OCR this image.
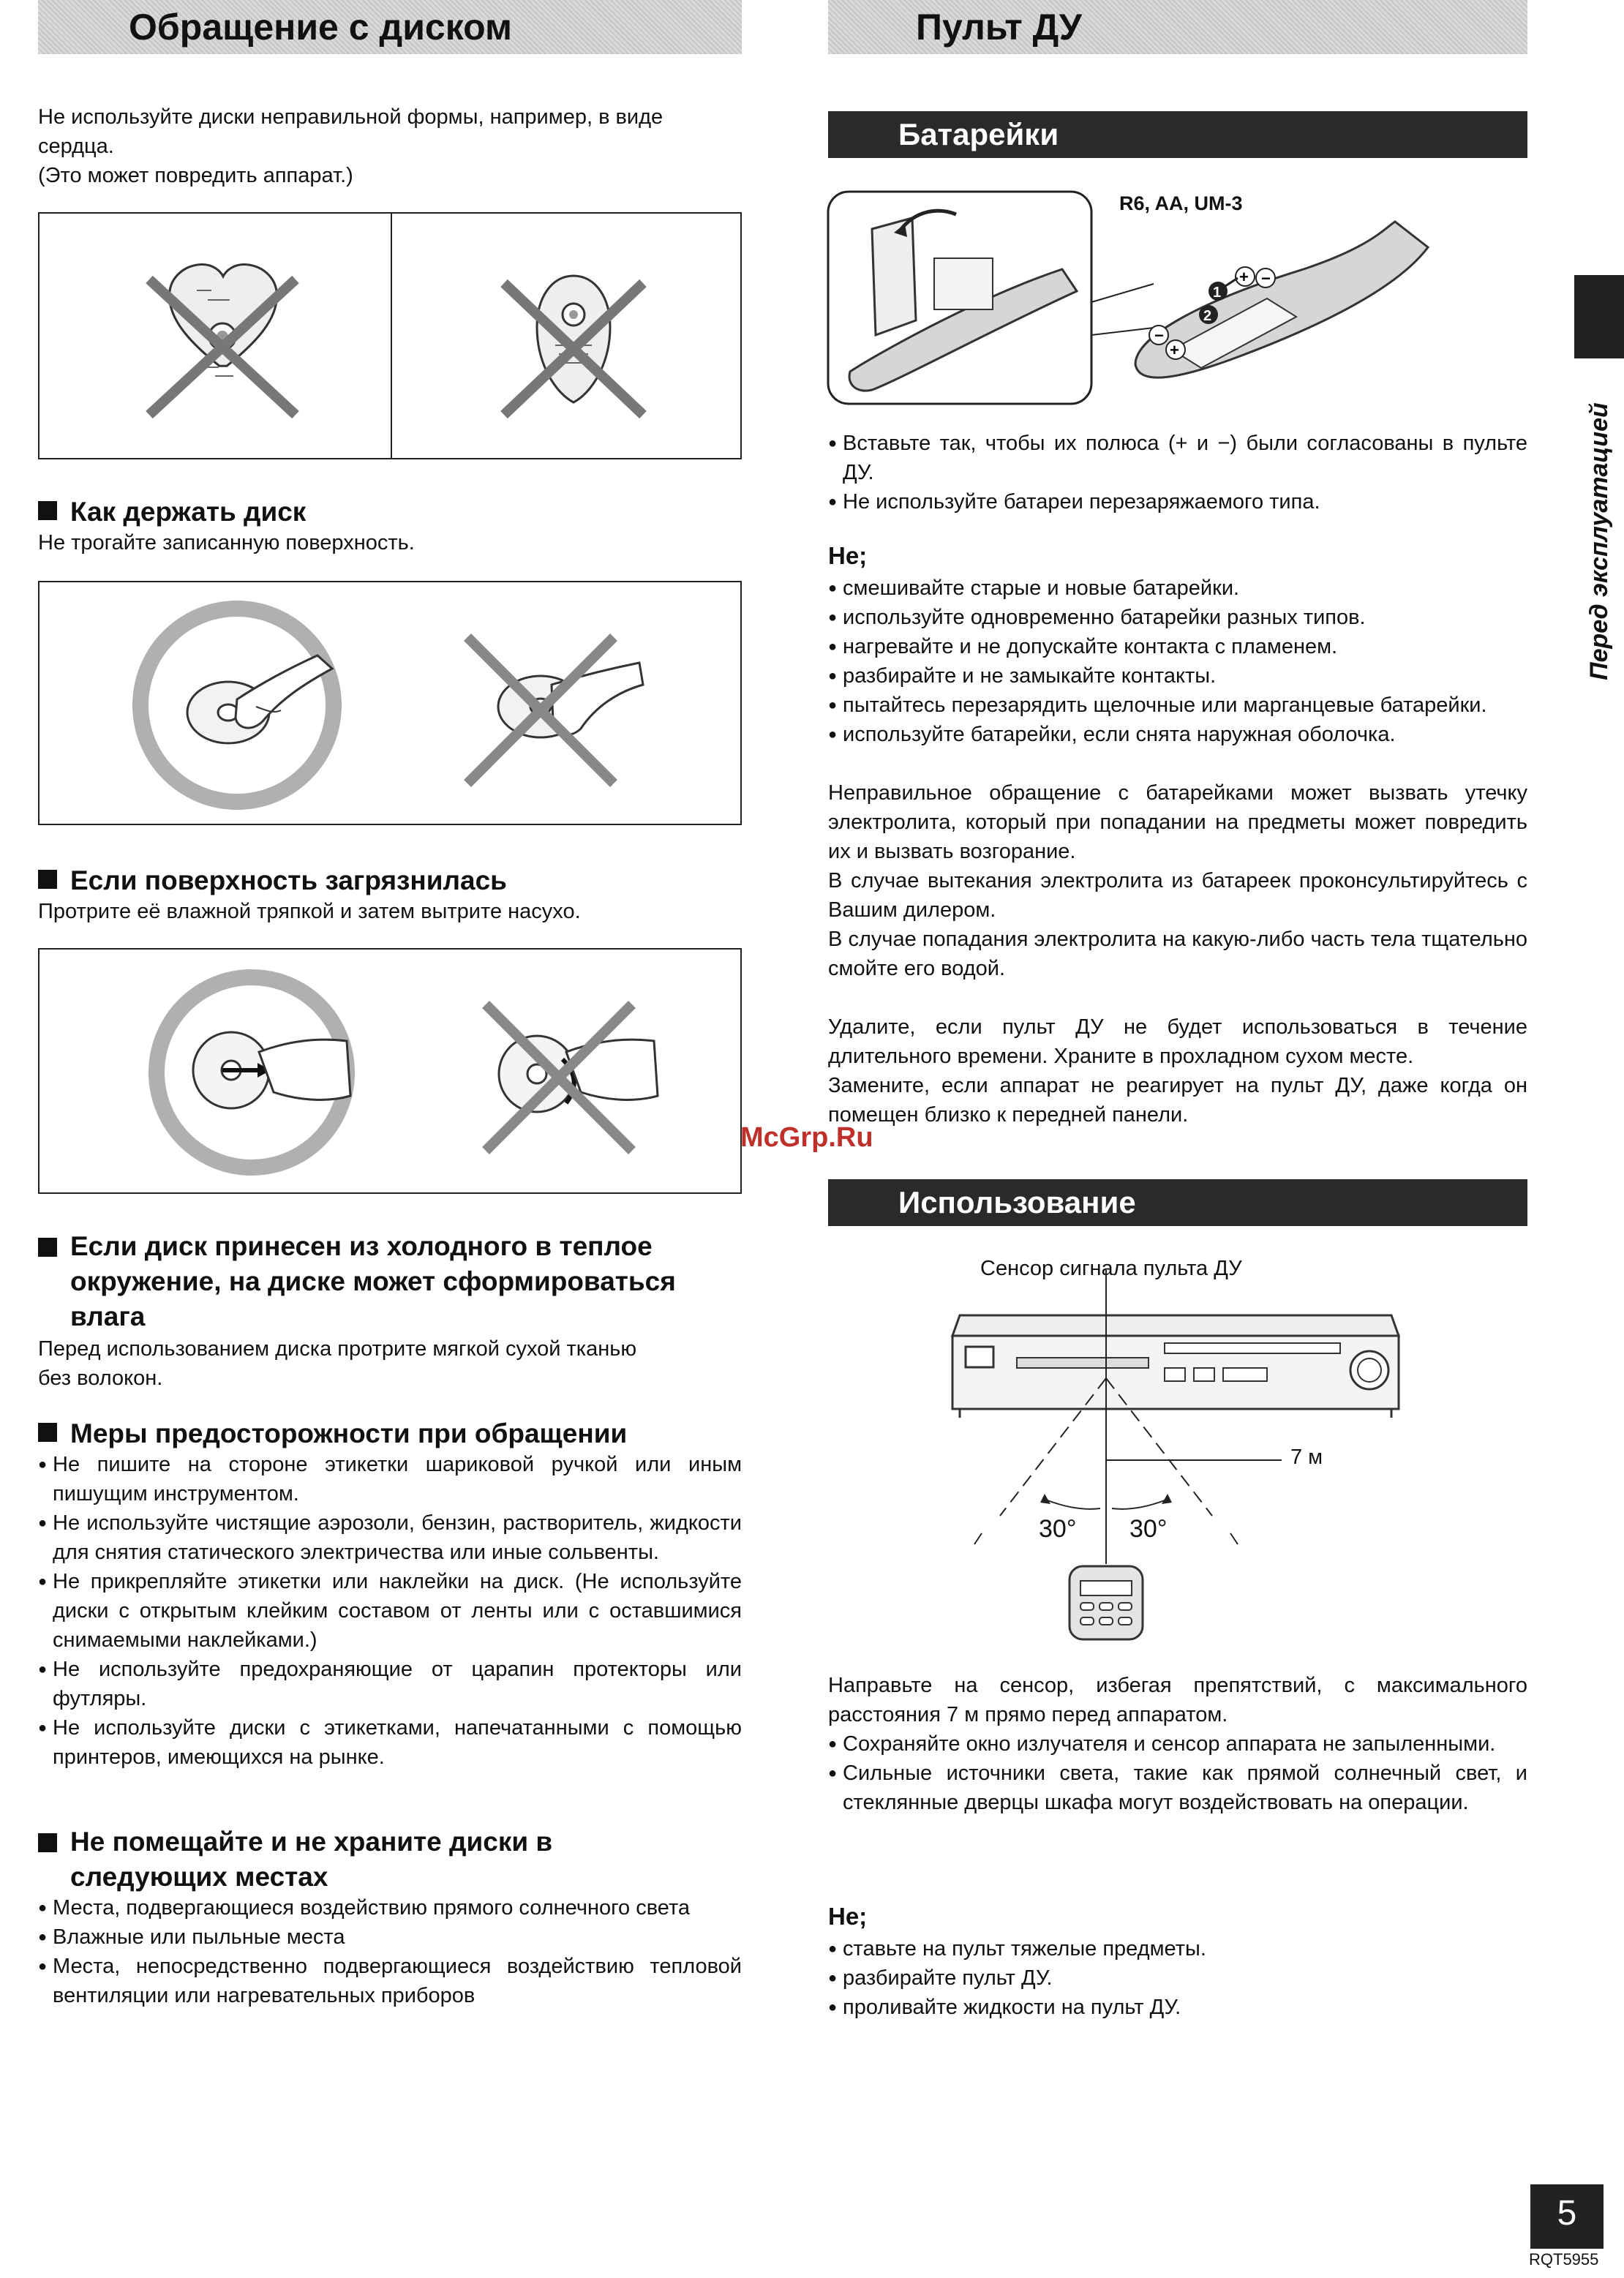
Обращение с диском
Не используйте диски неправильной формы, например, в виде
сердца.
(Это может повредить аппарат.)
Как держать диск
Не трогайте записанную поверхность.
Если поверхность загрязнилась
Протрите её влажной тряпкой и затем вытрите насухо.
Если диск принесен из холодного в теплое
окружение, на диске может сформироваться
влага
Перед использованием диска протрите мягкой сухой тканью
без волокон.
Меры предосторожности при обращении
● Не пишите на стороне этикетки шариковой ручкой или иным пишущим инструментом.
● Не используйте чистящие аэрозоли, бензин, растворитель, жидкости для снятия статического электричества или иные сольвенты.
● Не прикрепляйте этикетки или наклейки на диск. (Не используйте диски с открытым клейким составом от ленты или с оставшимися снимаемыми наклейками.)
● Не используйте предохраняющие от царапин протекторы или футляры.
● Не используйте диски с этикетками, напечатанными с помощью принтеров, имеющихся на рынке.
Не помещайте и не храните диски в
следующих местах
● Места, подвергающиеся воздействию прямого солнечного света
● Влажные или пыльные места
● Места, непосредственно подвергающиеся воздействию тепловой вентиляции или нагревательных приборов
Пульт ДУ
Батарейки
−
+
+ −
1
2
R6, AA, UM-3
● Вставьте так, чтобы их полюса (+ и −) были согласованы в пульте ДУ.
● Не используйте батареи перезаряжаемого типа.
Не;
● смешивайте старые и новые батарейки.
● используйте одновременно батарейки разных типов.
● нагревайте и не допускайте контакта с пламенем.
● разбирайте и не замыкайте контакты.
● пытайтесь перезарядить щелочные или марганцевые батарейки.
● используйте батарейки, если снята наружная оболочка.
Неправильное обращение с батарейками может вызвать утечку электролита, который при попадании на предметы может повредить их и вызвать возгорание.
В случае вытекания электролита из батареек проконсультируйтесь с Вашим дилером.
В случае попадания электролита на какую-либо часть тела тщательно смойте его водой.
Удалите, если пульт ДУ не будет использоваться в течение длительного времени. Храните в прохладном сухом месте.
Замените, если аппарат не реагирует на пульт ДУ, даже когда он помещен близко к передней панели.
McGrp.Ru
Использование
Сенсор сигнала пульта ДУ
7 м
30° 30°
Направьте на сенсор, избегая препятствий, с максимального расстояния 7 м прямо перед аппаратом.
● Сохраняйте окно излучателя и сенсор аппарата не запыленными.
● Сильные источники света, такие как прямой солнечный свет, и стеклянные дверцы шкафа могут воздействовать на операции.
Не;
● ставьте на пульт тяжелые предметы.
● разбирайте пульт ДУ.
● проливайте жидкости на пульт ДУ.
Перед эксплуатацией
5
RQT5955
